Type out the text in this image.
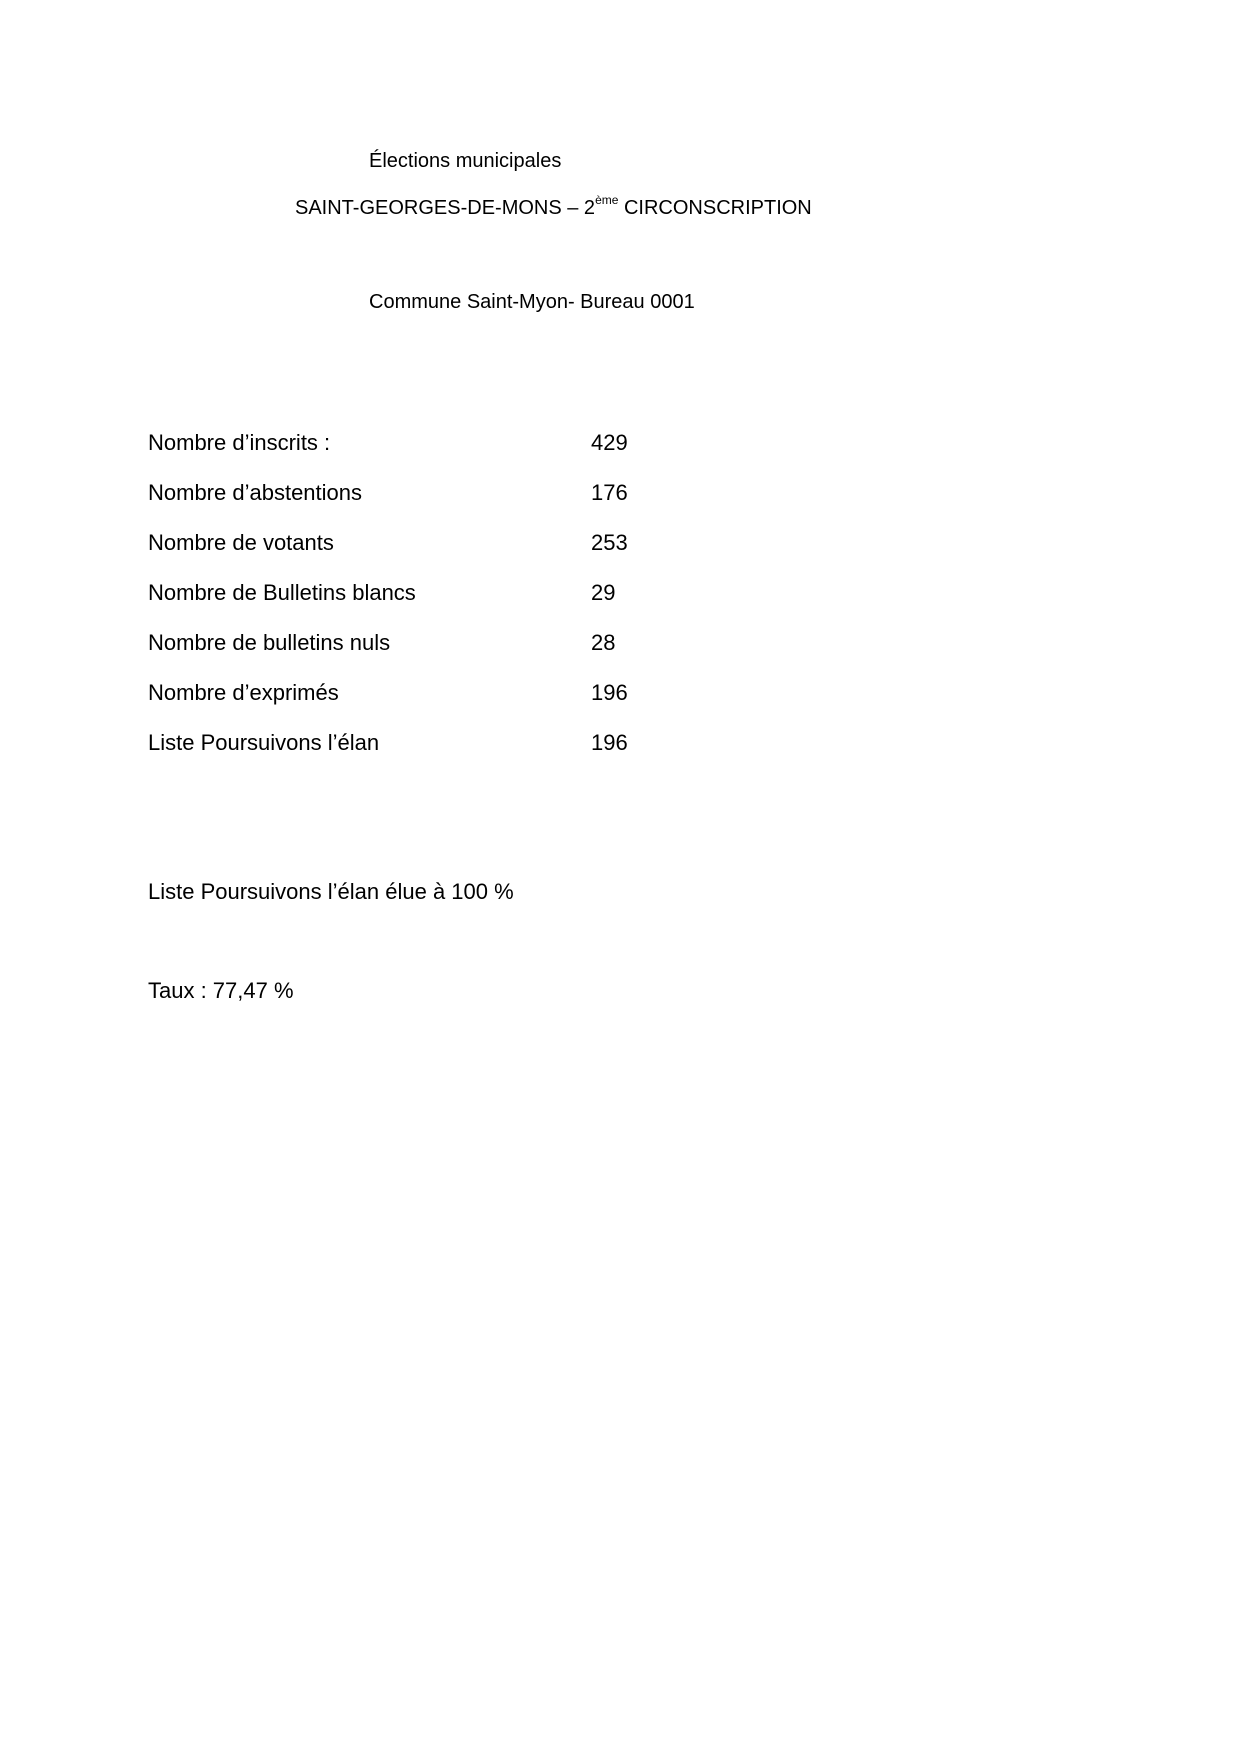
Élections municipales
SAINT-GEORGES-DE-MONS – 2ème CIRCONSCRIPTION
Commune Saint-Myon- Bureau 0001
Nombre d’inscrits :	429
Nombre d’abstentions	176
Nombre de votants	253
Nombre de Bulletins blancs	29
Nombre de bulletins nuls	28
Nombre d’exprimés	196
Liste Poursuivons l’élan	196
Liste Poursuivons l’élan élue à 100 %
Taux : 77,47 %
